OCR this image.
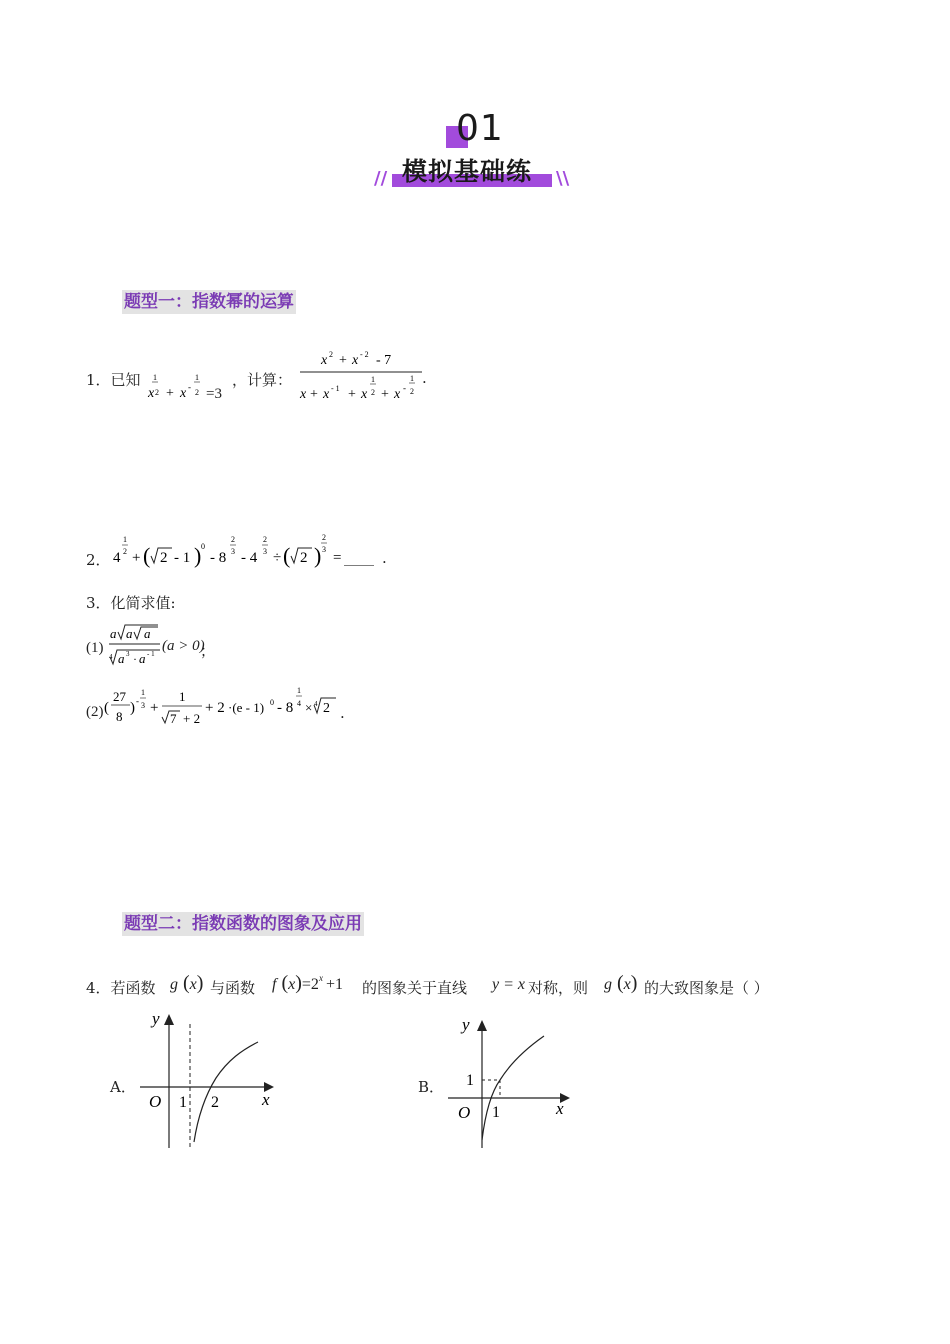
01
模拟基础练
//	\\
题型一：指数幂的运算
1．已知 1
x 2 + x -
1
2 =3
，计算：
x 2 + x - 2 - 7
x + x - 1 + x
1
2 + x -
1
2
.
2． 4
1
2 + ( 2 - 1 ) 0
- 8
2
3 - 4
2
3 ÷ ( 2 )
2
3
= ____ .
3．化简求值:
(1)
a a a
4 a 3 · a - 1 (a > 0)
；
(2) (
27
8
) -
1
3 +
1
7 + 2
+ 2 ·(e - 1) 0 - 8
1
4 × 4 2 .
题型二：指数函数的图象及应用
4．若函数 g (x) 与函数 f $(x)=2^x +1$ 的图象关于直线 y = x 对称，则 g (x) 的大致图象是（ ）
A．
y
x
O 1 2
B．
y
x
O
1
1
